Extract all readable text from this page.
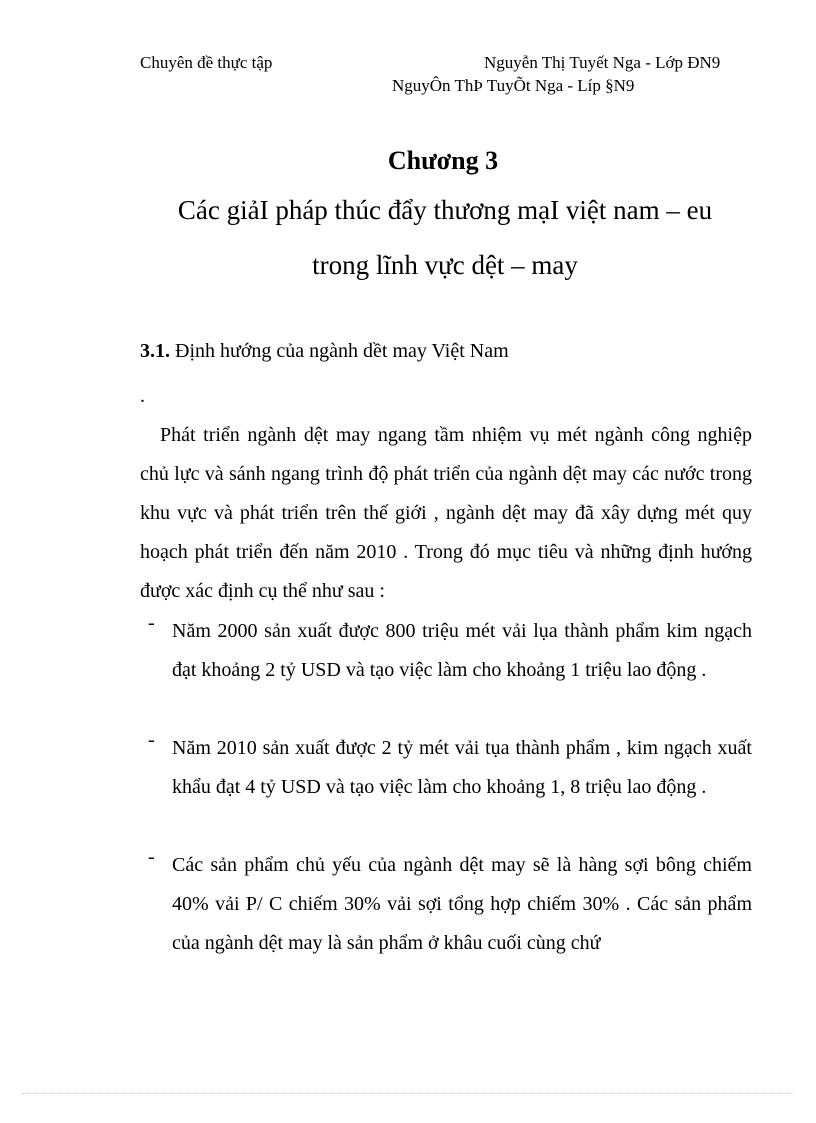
Chuyên đề thực tập	Nguyễn Thị Tuyết Nga - Lớp ĐN9
NguyÔn ThÞ TuyÕt Nga - Líp §N9
Chương 3
Các giảI pháp thúc đẩy thương mạI việt nam – eu
trong lĩnh vực dệt – may
3.1. Định hướng của ngành dềt may Việt Nam
.
Phát triển ngành dệt may ngang tầm nhiệm vụ mét ngành công nghiệp chủ lực và sánh ngang trình độ phát triển của ngành dệt may các nước trong khu vực và phát triển trên thế giới , ngành dệt may đã xây dựng mét quy hoạch phát triển đến năm 2010 . Trong đó mục tiêu và những định hướng được xác định cụ thể như sau :
- Năm 2000 sản xuất được 800 triệu mét vải lụa thành phẩm kim ngạch đạt khoảng 2 tỷ USD và tạo việc làm cho khoảng 1 triệu lao động .
- Năm 2010 sản xuất được 2 tỷ mét vải tụa thành phẩm , kim ngạch xuất khẩu đạt 4 tỷ USD và tạo việc làm cho khoảng 1, 8 triệu lao động .
- Các sản phẩm chủ yếu của ngành dệt may sẽ là hàng sợi bông chiếm 40% vải P/ C chiếm 30% vải sợi tổng hợp chiếm 30% . Các sản phẩm của ngành dệt may là sản phẩm ở khâu cuối cùng chứ
